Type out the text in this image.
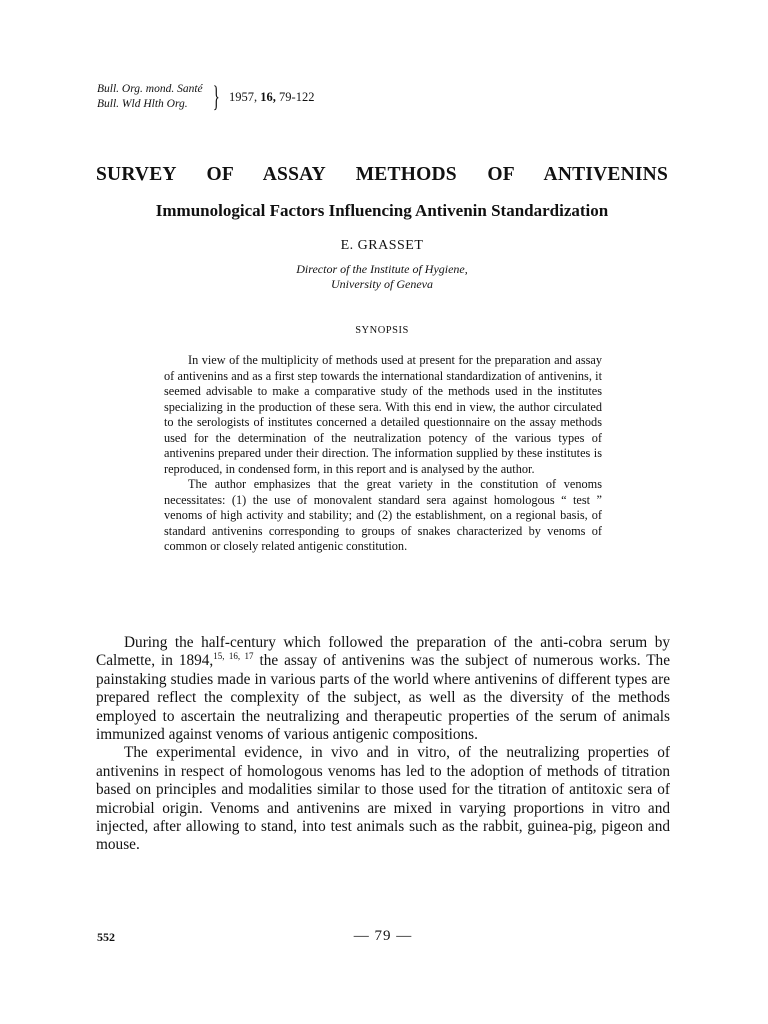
Bull. Org. mond. Santé
Bull. Wld Hlth Org. } 1957, 16, 79-122
SURVEY OF ASSAY METHODS OF ANTIVENINS
Immunological Factors Influencing Antivenin Standardization
E. GRASSET
Director of the Institute of Hygiene,
University of Geneva
SYNOPSIS

In view of the multiplicity of methods used at present for the preparation and assay of antivenins and as a first step towards the international standardization of antivenins, it seemed advisable to make a comparative study of the methods used in the institutes specializing in the production of these sera. With this end in view, the author circulated to the serologists of institutes concerned a detailed questionnaire on the assay methods used for the determination of the neutralization potency of the various types of antivenins prepared under their direction. The information supplied by these institutes is reproduced, in condensed form, in this report and is analysed by the author.

The author emphasizes that the great variety in the constitution of venoms necessitates: (1) the use of monovalent standard sera against homologous “ test ” venoms of high activity and stability; and (2) the establishment, on a regional basis, of standard antivenins corresponding to groups of snakes characterized by venoms of common or closely related antigenic constitution.

During the half-century which followed the preparation of the anti-cobra serum by Calmette, in 1894,$^{15, 16, 17}$ the assay of antivenins was the subject of numerous works. The painstaking studies made in various parts of the world where antivenins of different types are prepared reflect the complexity of the subject, as well as the diversity of the methods employed to ascertain the neutralizing and therapeutic properties of the serum of animals immunized against venoms of various antigenic compositions.

The experimental evidence, in vivo and in vitro, of the neutralizing properties of antivenins in respect of homologous venoms has led to the adoption of methods of titration based on principles and modalities similar to those used for the titration of antitoxic sera of microbial origin. Venoms and antivenins are mixed in varying proportions in vitro and injected, after allowing to stand, into test animals such as the rabbit, guinea-pig, pigeon and mouse.

552	— 79 —
